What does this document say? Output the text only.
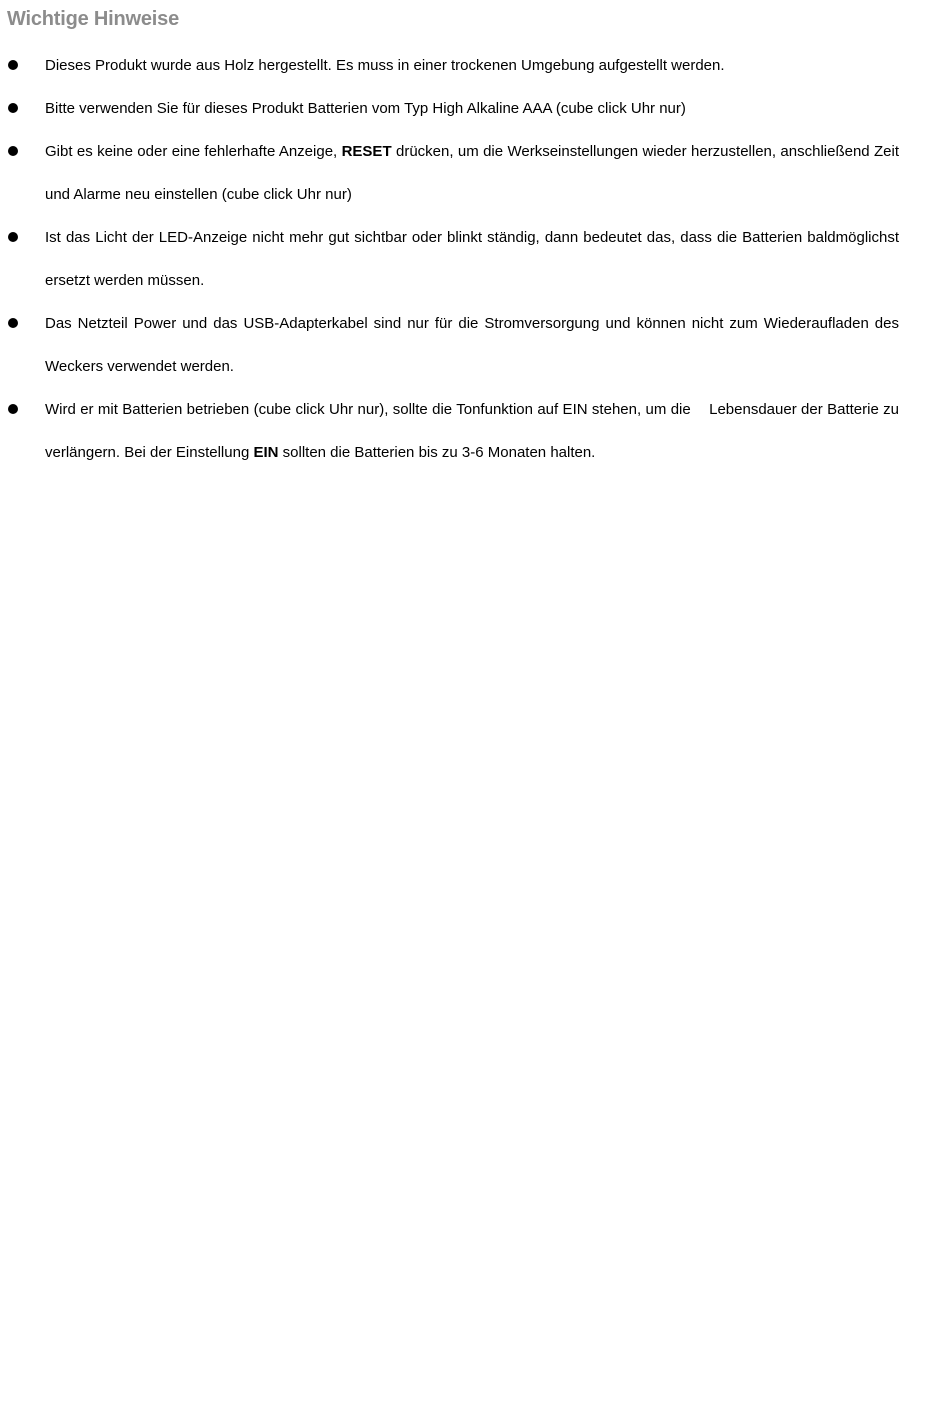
Wichtige Hinweise
Dieses Produkt wurde aus Holz hergestellt. Es muss in einer trockenen Umgebung aufgestellt werden.
Bitte verwenden Sie für dieses Produkt Batterien vom Typ High Alkaline AAA (cube click Uhr nur)
Gibt es keine oder eine fehlerhafte Anzeige, RESET drücken, um die Werkseinstellungen wieder herzustellen, anschließend Zeit und Alarme neu einstellen (cube click Uhr nur)
Ist das Licht der LED-Anzeige nicht mehr gut sichtbar oder blinkt ständig, dann bedeutet das, dass die Batterien baldmöglichst ersetzt werden müssen.
Das Netzteil Power und das USB-Adapterkabel sind nur für die Stromversorgung und können nicht zum Wiederaufladen des Weckers verwendet werden.
Wird er mit Batterien betrieben (cube click Uhr nur), sollte die Tonfunktion auf EIN stehen, um die Lebensdauer der Batterie zu verlängern. Bei der Einstellung EIN sollten die Batterien bis zu 3-6 Monaten halten.
